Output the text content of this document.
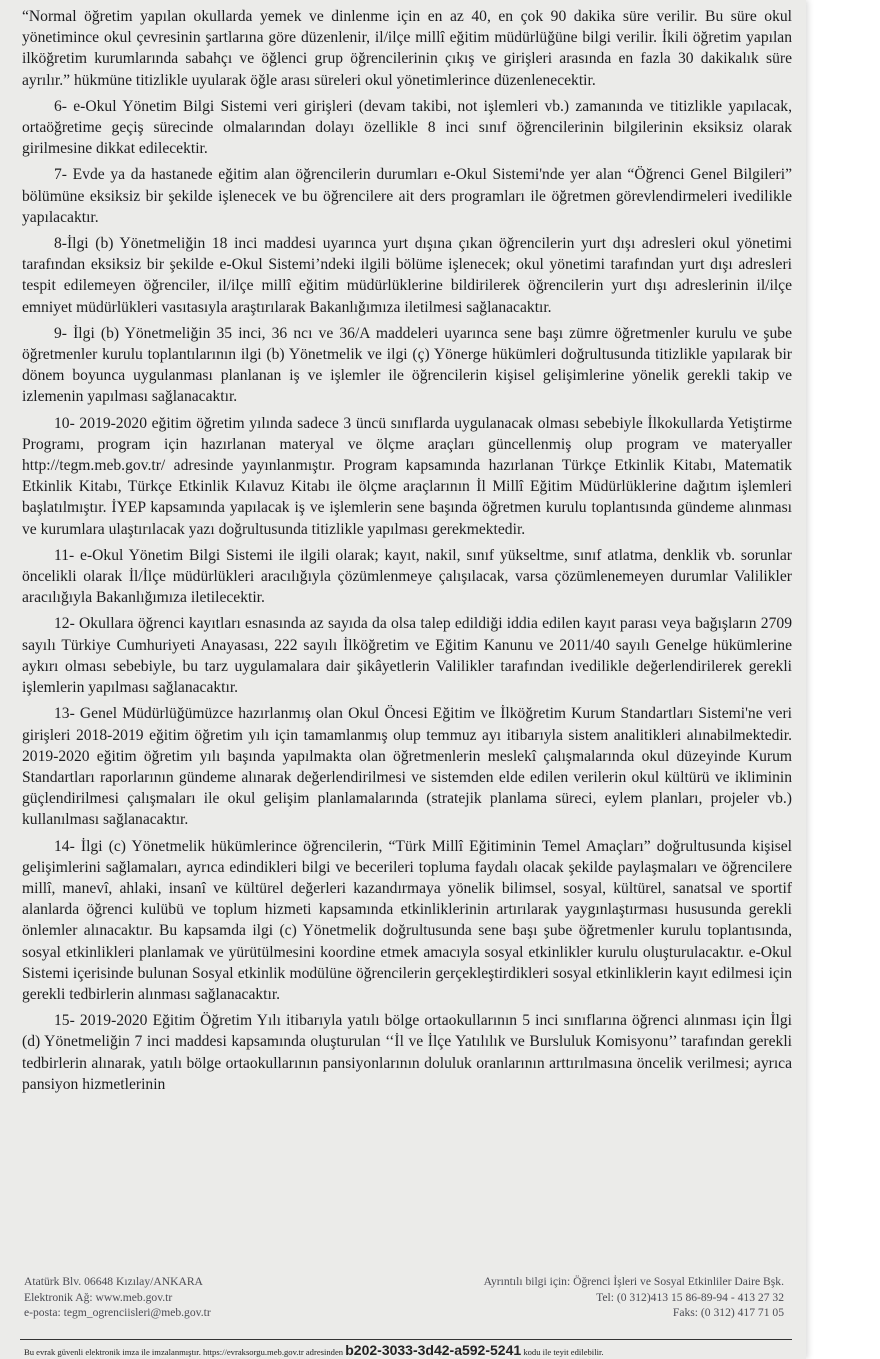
“Normal öğretim yapılan okullarda yemek ve dinlenme için en az 40, en çok 90 dakika süre verilir. Bu süre okul yönetimince okul çevresinin şartlarına göre düzenlenir, il/ilçe millî eğitim müdürlüğüne bilgi verilir. İkili öğretim yapılan ilköğretim kurumlarında sabahçı ve öğlenci grup öğrencilerinin çıkış ve girişleri arasında en fazla 30 dakikalık süre ayrılır.” hükmüne titizlikle uyularak öğle arası süreleri okul yönetimlerince düzenlenecektir.

6- e-Okul Yönetim Bilgi Sistemi veri girişleri (devam takibi, not işlemleri vb.) zamanında ve titizlikle yapılacak, ortaöğretime geçiş sürecinde olmalarından dolayı özellikle 8 inci sınıf öğrencilerinin bilgilerinin eksiksiz olarak girilmesine dikkat edilecektir.

7- Evde ya da hastanede eğitim alan öğrencilerin durumları e-Okul Sistemi'nde yer alan “Öğrenci Genel Bilgileri” bölümüne eksiksiz bir şekilde işlenecek ve bu öğrencilere ait ders programları ile öğretmen görevlendirmeleri ivedilikle yapılacaktır.

8-İlgi (b) Yönetmeliğin 18 inci maddesi uyarınca yurt dışına çıkan öğrencilerin yurt dışı adresleri okul yönetimi tarafından eksiksiz bir şekilde e-Okul Sistemi’ndeki ilgili bölüme işlenecek; okul yönetimi tarafından yurt dışı adresleri tespit edilemeyen öğrenciler, il/ilçe millî eğitim müdürlüklerine bildirilerek öğrencilerin yurt dışı adreslerinin il/ilçe emniyet müdürlükleri vasıtasıyla araştırılarak Bakanlığımıza iletilmesi sağlanacaktır.

9- İlgi (b) Yönetmeliğin 35 inci, 36 ncı ve 36/A maddeleri uyarınca sene başı zümre öğretmenler kurulu ve şube öğretmenler kurulu toplantılarının ilgi (b) Yönetmelik ve ilgi (ç) Yönerge hükümleri doğrultusunda titizlikle yapılarak bir dönem boyunca uygulanması planlanan iş ve işlemler ile öğrencilerin kişisel gelişimlerine yönelik gerekli takip ve izlemenin yapılması sağlanacaktır.

10- 2019-2020 eğitim öğretim yılında sadece 3 üncü sınıflarda uygulanacak olması sebebiyle İlkokullarda Yetiştirme Programı, program için hazırlanan materyal ve ölçme araçları güncellenmiş olup program ve materyaller http://tegm.meb.gov.tr/ adresinde yayınlanmıştır. Program kapsamında hazırlanan Türkçe Etkinlik Kitabı, Matematik Etkinlik Kitabı, Türkçe Etkinlik Kılavuz Kitabı ile ölçme araçlarının İl Millî Eğitim Müdürlüklerine dağıtım işlemleri başlatılmıştır. İYEP kapsamında yapılacak iş ve işlemlerin sene başında öğretmen kurulu toplantısında gündeme alınması ve kurumlara ulaştırılacak yazı doğrultusunda titizlikle yapılması gerekmektedir.

11- e-Okul Yönetim Bilgi Sistemi ile ilgili olarak; kayıt, nakil, sınıf yükseltme, sınıf atlatma, denklik vb. sorunlar öncelikli olarak İl/İlçe müdürlükleri aracılığıyla çözümlenmeye çalışılacak, varsa çözümlenemeyen durumlar Valilikler aracılığıyla Bakanlığımıza iletilecektir.

12- Okullara öğrenci kayıtları esnasında az sayıda da olsa talep edildiği iddia edilen kayıt parası veya bağışların 2709 sayılı Türkiye Cumhuriyeti Anayasası, 222 sayılı İlköğretim ve Eğitim Kanunu ve 2011/40 sayılı Genelge hükümlerine aykırı olması sebebiyle, bu tarz uygulamalara dair şikâyetlerin Valilikler tarafından ivedilikle değerlendirilerek gerekli işlemlerin yapılması sağlanacaktır.

13- Genel Müdürlüğümüzce hazırlanmış olan Okul Öncesi Eğitim ve İlköğretim Kurum Standartları Sistemi'ne veri girişleri 2018-2019 eğitim öğretim yılı için tamamlanmış olup temmuz ayı itibarıyla sistem analitikleri alınabilmektedir. 2019-2020 eğitim öğretim yılı başında yapılmakta olan öğretmenlerin meslekî çalışmalarında okul düzeyinde Kurum Standartları raporlarının gündeme alınarak değerlendirilmesi ve sistemden elde edilen verilerin okul kültürü ve ikliminin güçlendirilmesi çalışmaları ile okul gelişim planlamalarında (stratejik planlama süreci, eylem planları, projeler vb.) kullanılması sağlanacaktır.

14- İlgi (c) Yönetmelik hükümlerince öğrencilerin, “Türk Millî Eğitiminin Temel Amaçları” doğrultusunda kişisel gelişimlerini sağlamaları, ayrıca edindikleri bilgi ve becerileri topluma faydalı olacak şekilde paylaşmaları ve öğrencilere millî, manevî, ahlaki, insanî ve kültürel değerleri kazandırmaya yönelik bilimsel, sosyal, kültürel, sanatsal ve sportif alanlarda öğrenci kulübü ve toplum hizmeti kapsamında etkinliklerinin artırılarak yaygınlaştırması hususunda gerekli önlemler alınacaktır. Bu kapsamda ilgi (c) Yönetmelik doğrultusunda sene başı şube öğretmenler kurulu toplantısında, sosyal etkinlikleri planlamak ve yürütülmesini koordine etmek amacıyla sosyal etkinlikler kurulu oluşturulacaktır. e-Okul Sistemi içerisinde bulunan Sosyal etkinlik modülüne öğrencilerin gerçekleştirdikleri sosyal etkinliklerin kayıt edilmesi için gerekli tedbirlerin alınması sağlanacaktır.

15- 2019-2020 Eğitim Öğretim Yılı itibarıyla yatılı bölge ortaokullarının 5 inci sınıflarına öğrenci alınması için İlgi (d) Yönetmeliğin 7 inci maddesi kapsamında oluşturulan ‘‘İl ve İlçe Yatılılık ve Bursluluk Komisyonu’’ tarafından gerekli tedbirlerin alınarak, yatılı bölge ortaokullarının pansiyonlarının doluluk oranlarının arttırılmasına öncelik verilmesi; ayrıca pansiyon hizmetlerinin

Atatürk Blv. 06648 Kızılay/ANKARA
Elektronik Ağ: www.meb.gov.tr
e-posta: tegm_ogrenciisleri@meb.gov.tr
Ayrıntılı bilgi için: Öğrenci İşleri ve Sosyal Etkinliler Daire Bşk.
Tel: (0 312)413 15 86-89-94 - 413 27 32
Faks: (0 312) 417 71 05
Bu evrak güvenli elektronik imza ile imzalanmıştır. https://evraksorgu.meb.gov.tr adresinden b202-3033-3d42-a592-5241 kodu ile teyit edilebilir.
